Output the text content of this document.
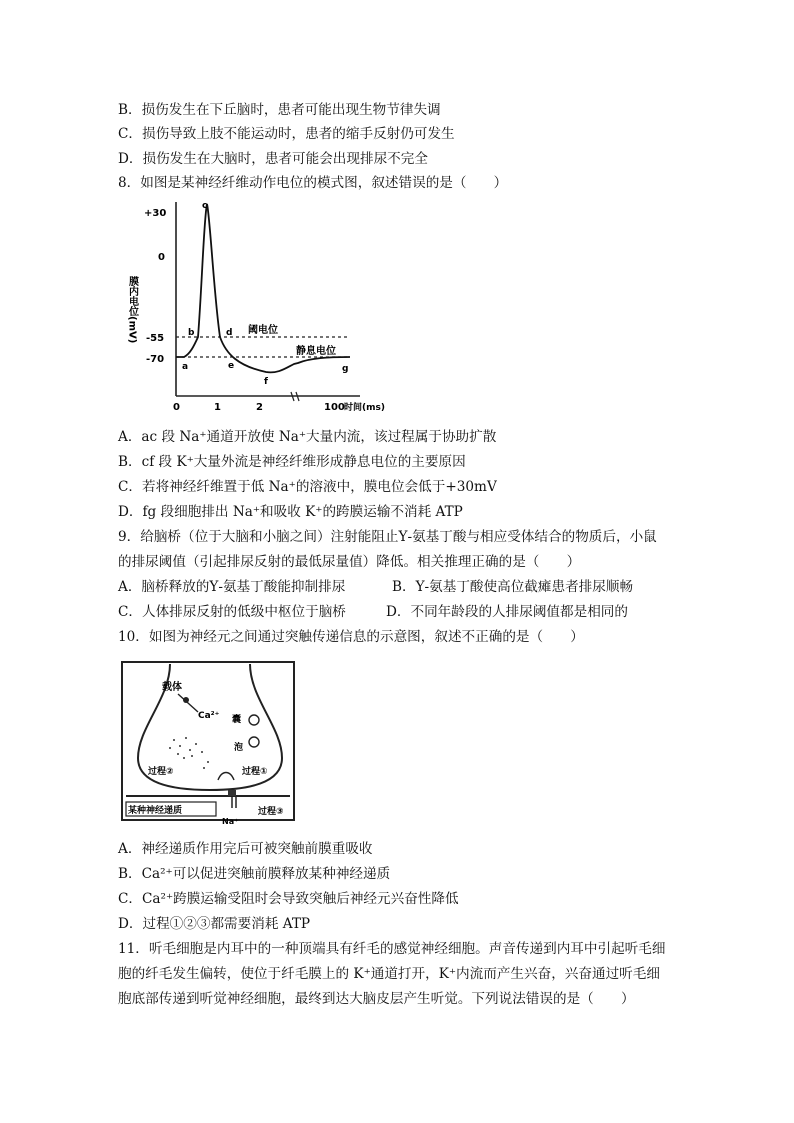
B．损伤发生在下丘脑时，患者可能出现生物节律失调
C．损伤导致上肢不能运动时，患者的缩手反射仍可发生
D．损伤发生在大脑时，患者可能会出现排尿不完全
8．如图是某神经纤维动作电位的模式图，叙述错误的是（　　）
膜内电位(mV)
+30
0
-55
-70
阈电位
静息电位
a
b
c
d
e
f
g
0	1	2	100 时间(ms)
A．ac 段 Na⁺通道开放使 Na⁺大量内流，该过程属于协助扩散
B．cf 段 K⁺大量外流是神经纤维形成静息电位的主要原因
C．若将神经纤维置于低 Na⁺的溶液中，膜电位会低于+30mV
D．fg 段细胞排出 Na⁺和吸收 K⁺的跨膜运输不消耗 ATP
9．给脑桥（位于大脑和小脑之间）注射能阻止Υ-氨基丁酸与相应受体结合的物质后，小鼠
的排尿阈值（引起排尿反射的最低尿量值）降低。相关推理正确的是（　　）
A．脑桥释放的Υ-氨基丁酸能抑制排尿	B．Υ-氨基丁酸使高位截瘫患者排尿顺畅
C．人体排尿反射的低级中枢位于脑桥	D．不同年龄段的人排尿阈值都是相同的
10．如图为神经元之间通过突触传递信息的示意图，叙述不正确的是（　　）
载体
Ca²⁺ 囊
泡
过程②	过程①
某种神经递质
Na⁺
过程③
A．神经递质作用完后可被突触前膜重吸收
B．Ca²⁺可以促进突触前膜释放某种神经递质
C．Ca²⁺跨膜运输受阻时会导致突触后神经元兴奋性降低
D．过程①②③都需要消耗 ATP
11．听毛细胞是内耳中的一种顶端具有纤毛的感觉神经细胞。声音传递到内耳中引起听毛细
胞的纤毛发生偏转，使位于纤毛膜上的 K⁺通道打开，K⁺内流而产生兴奋，兴奋通过听毛细
胞底部传递到听觉神经细胞，最终到达大脑皮层产生听觉。下列说法错误的是（　　）
